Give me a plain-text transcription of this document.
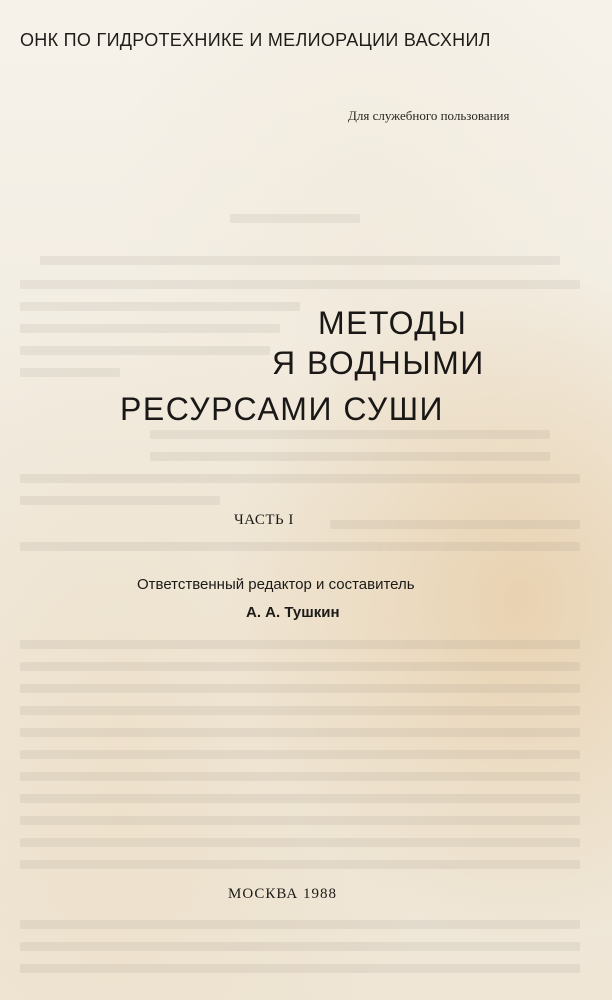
ОНК ПО ГИДРОТЕХНИКЕ И МЕЛИОРАЦИИ ВАСХНИЛ
Для служебного пользования
МЕТОДЫ
Я ВОДНЫМИ
РЕСУРСАМИ СУШИ
ЧАСТЬ I
Ответственный редактор и составитель
А. А. Тушкин
МОСКВА 1988
